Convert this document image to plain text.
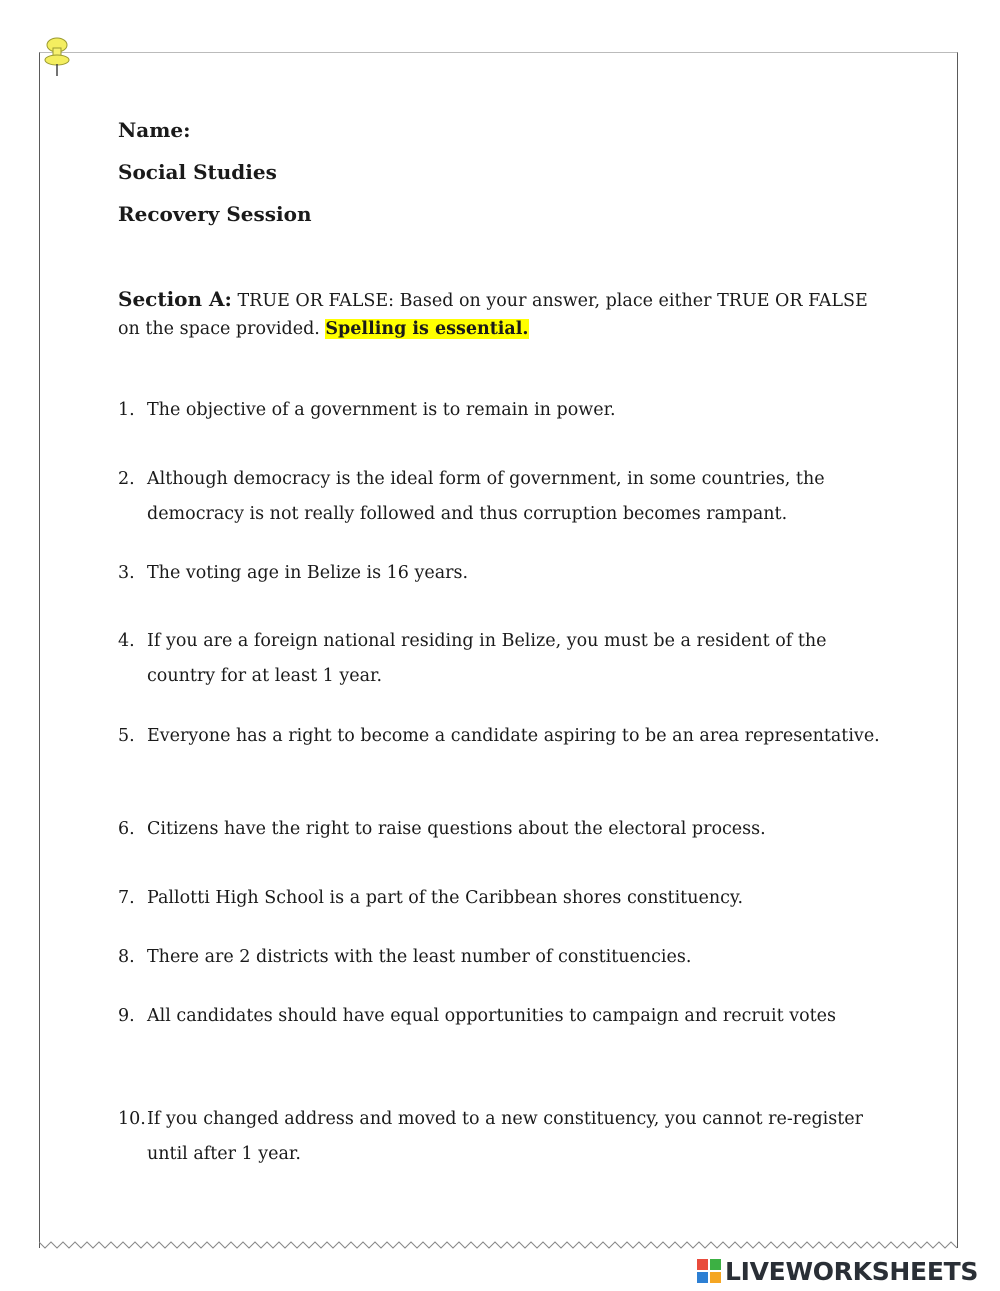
Name:
Social Studies
Recovery Session
Section A: TRUE OR FALSE: Based on your answer, place either TRUE OR FALSE on the space provided. Spelling is essential.
1. The objective of a government is to remain in power.
2. Although democracy is the ideal form of government, in some countries, the democracy is not really followed and thus corruption becomes rampant.
3. The voting age in Belize is 16 years.
4. If you are a foreign national residing in Belize, you must be a resident of the country for at least 1 year.
5. Everyone has a right to become a candidate aspiring to be an area representative.
6. Citizens have the right to raise questions about the electoral process.
7. Pallotti High School is a part of the Caribbean shores constituency.
8. There are 2 districts with the least number of constituencies.
9. All candidates should have equal opportunities to campaign and recruit votes
10. If you changed address and moved to a new constituency, you cannot re-register until after 1 year.
LIVEWORKSHEETS
